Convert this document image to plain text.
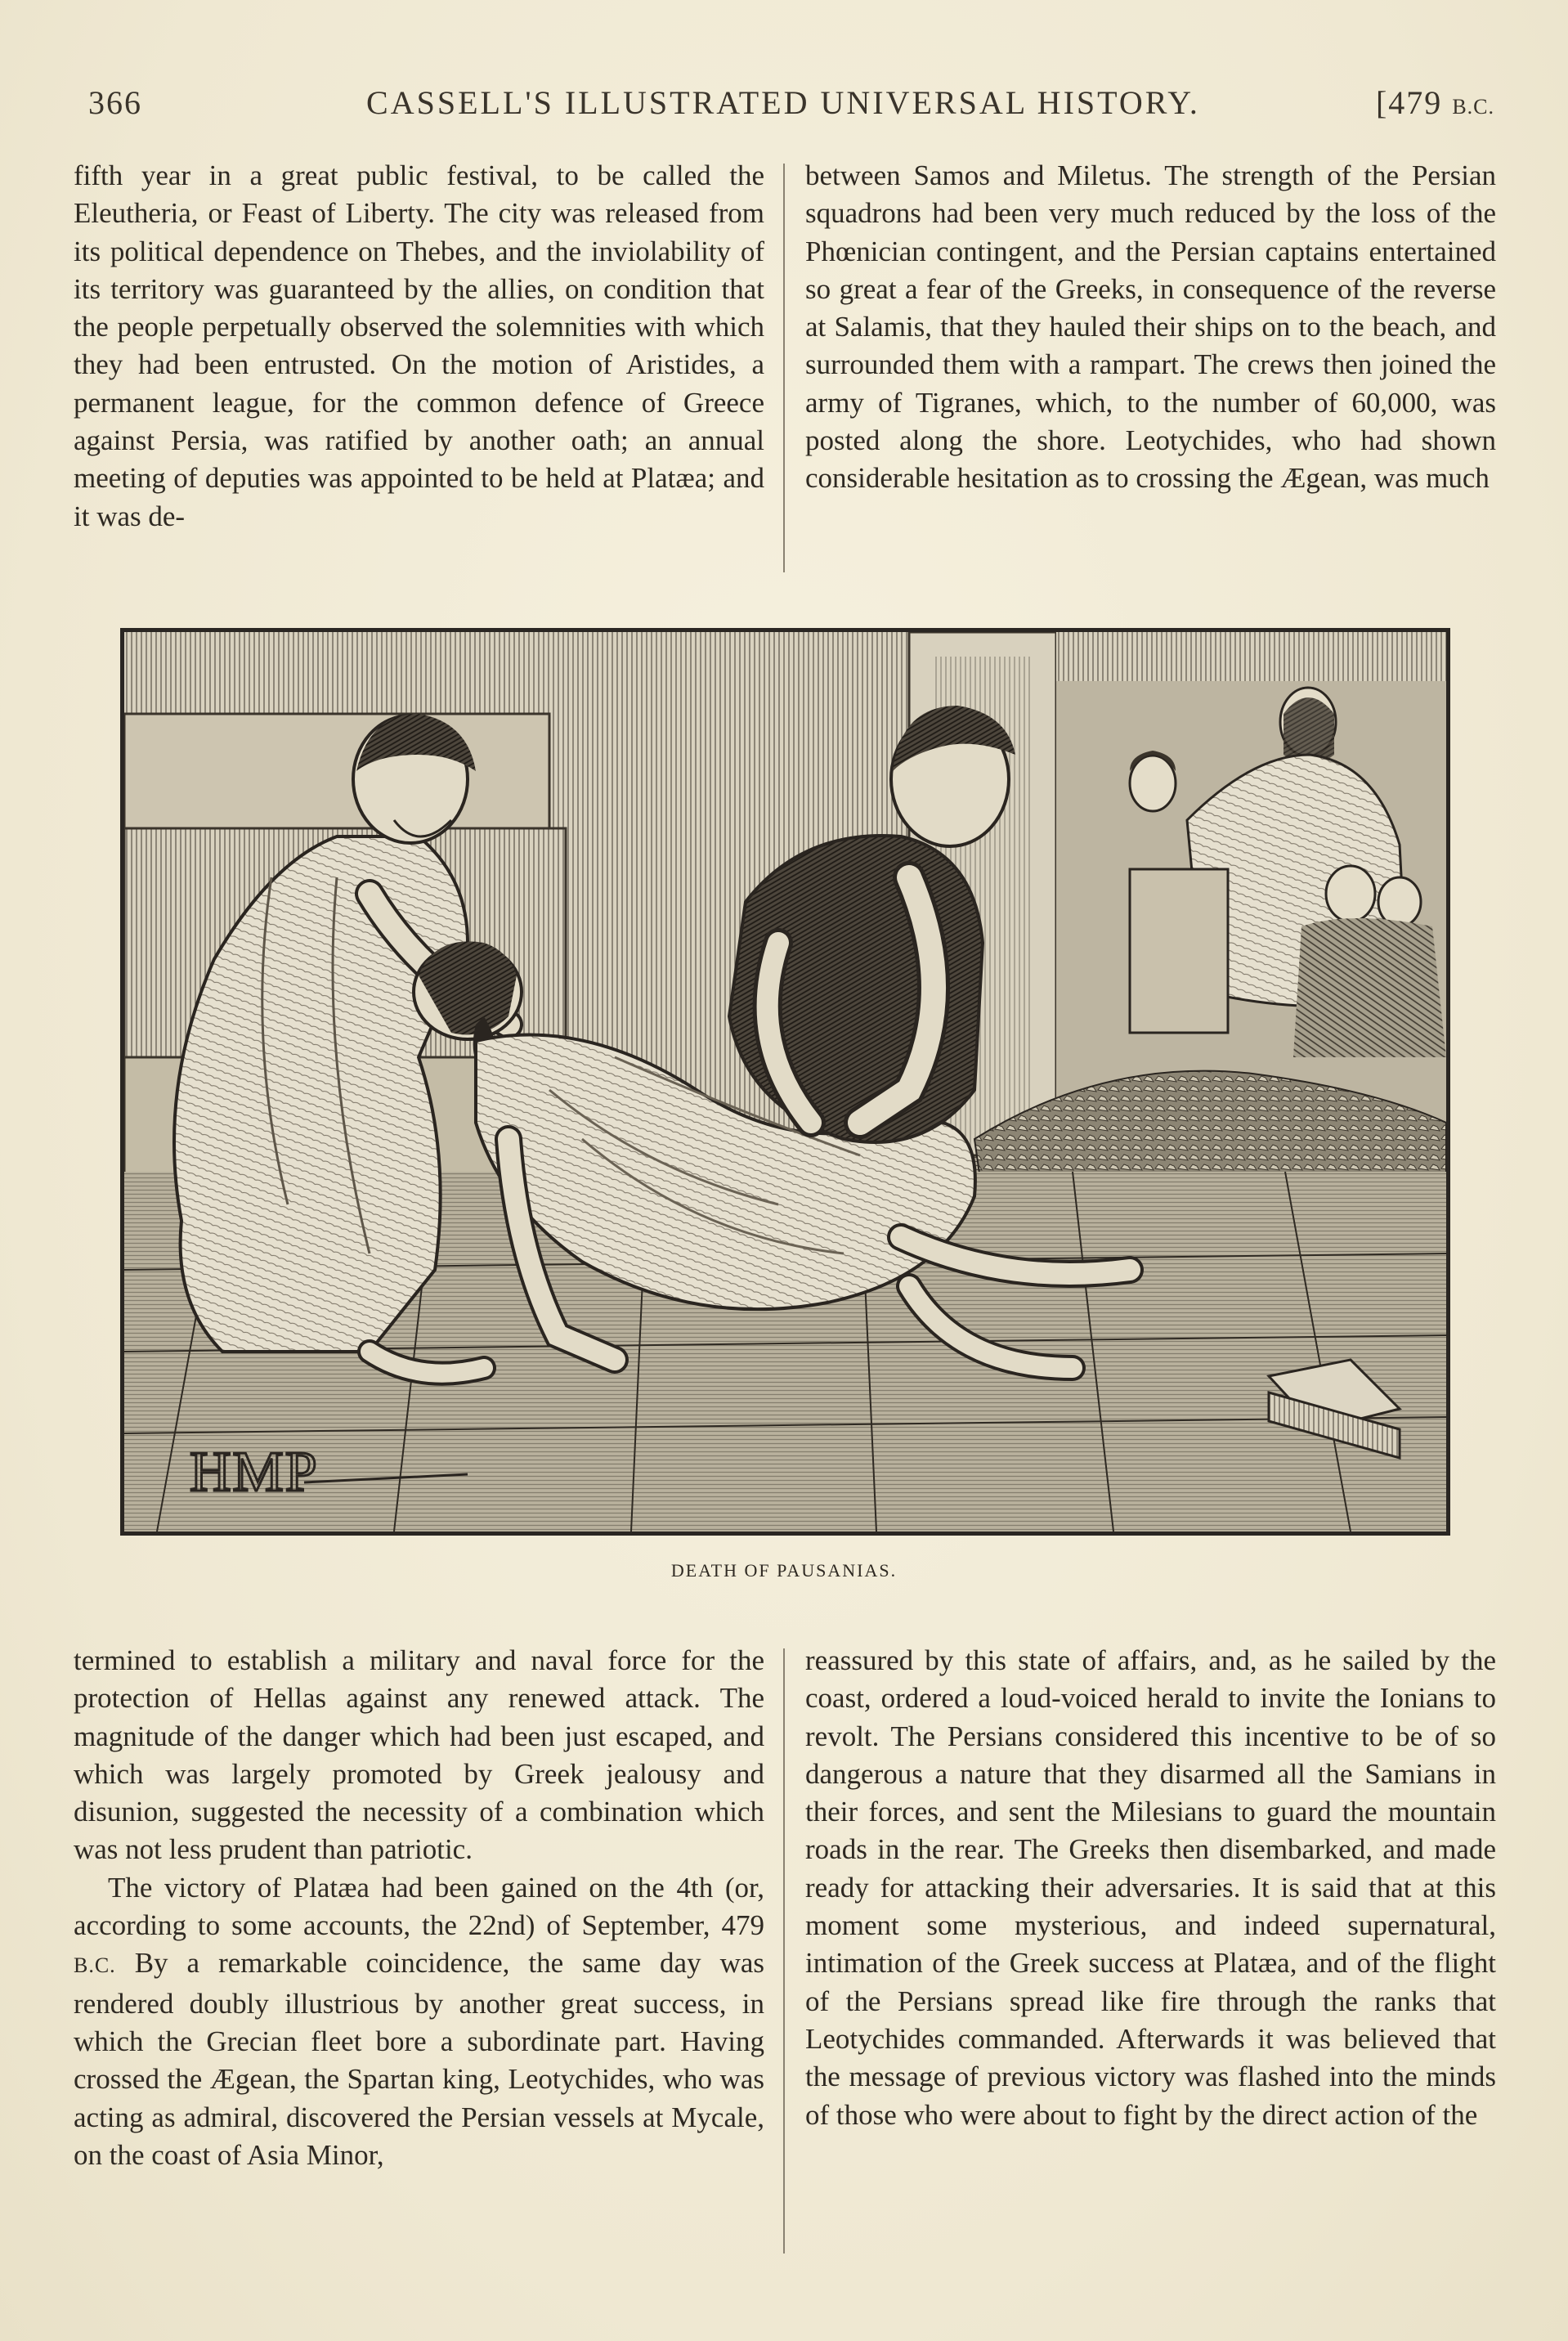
366	CASSELL'S ILLUSTRATED UNIVERSAL HISTORY.	[479 B.C.

fifth year in a great public festival, to be called the Eleutheria, or Feast of Liberty. The city was released from its political dependence on Thebes, and the inviolability of its territory was guaranteed by the allies, on condition that the people perpetually observed the solemnities with which they had been entrusted. On the motion of Aristides, a permanent league, for the common defence of Greece against Persia, was ratified by another oath; an annual meeting of deputies was appointed to be held at Platæa; and it was de-

between Samos and Miletus. The strength of the Persian squadrons had been very much reduced by the loss of the Phœnician contingent, and the Persian captains entertained so great a fear of the Greeks, in consequence of the reverse at Salamis, that they hauled their ships on to the beach, and surrounded them with a rampart. The crews then joined the army of Tigranes, which, to the number of 60,000, was posted along the shore. Leotychides, who had shown considerable hesitation as to crossing the Ægean, was much

HMP
DEATH OF PAUSANIAS.

termined to establish a military and naval force for the protection of Hellas against any renewed attack. The magnitude of the danger which had been just escaped, and which was largely promoted by Greek jealousy and disunion, suggested the necessity of a combination which was not less prudent than patriotic.

The victory of Platæa had been gained on the 4th (or, according to some accounts, the 22nd) of September, 479 B.C. By a remarkable coincidence, the same day was rendered doubly illustrious by another great success, in which the Grecian fleet bore a subordinate part. Having crossed the Ægean, the Spartan king, Leotychides, who was acting as admiral, discovered the Persian vessels at Mycale, on the coast of Asia Minor,

reassured by this state of affairs, and, as he sailed by the coast, ordered a loud-voiced herald to invite the Ionians to revolt. The Persians considered this incentive to be of so dangerous a nature that they disarmed all the Samians in their forces, and sent the Milesians to guard the mountain roads in the rear. The Greeks then disembarked, and made ready for attacking their adversaries. It is said that at this moment some mysterious, and indeed supernatural, intimation of the Greek success at Platæa, and of the flight of the Persians spread like fire through the ranks that Leotychides commanded. Afterwards it was believed that the message of previous victory was flashed into the minds of those who were about to fight by the direct action of the
